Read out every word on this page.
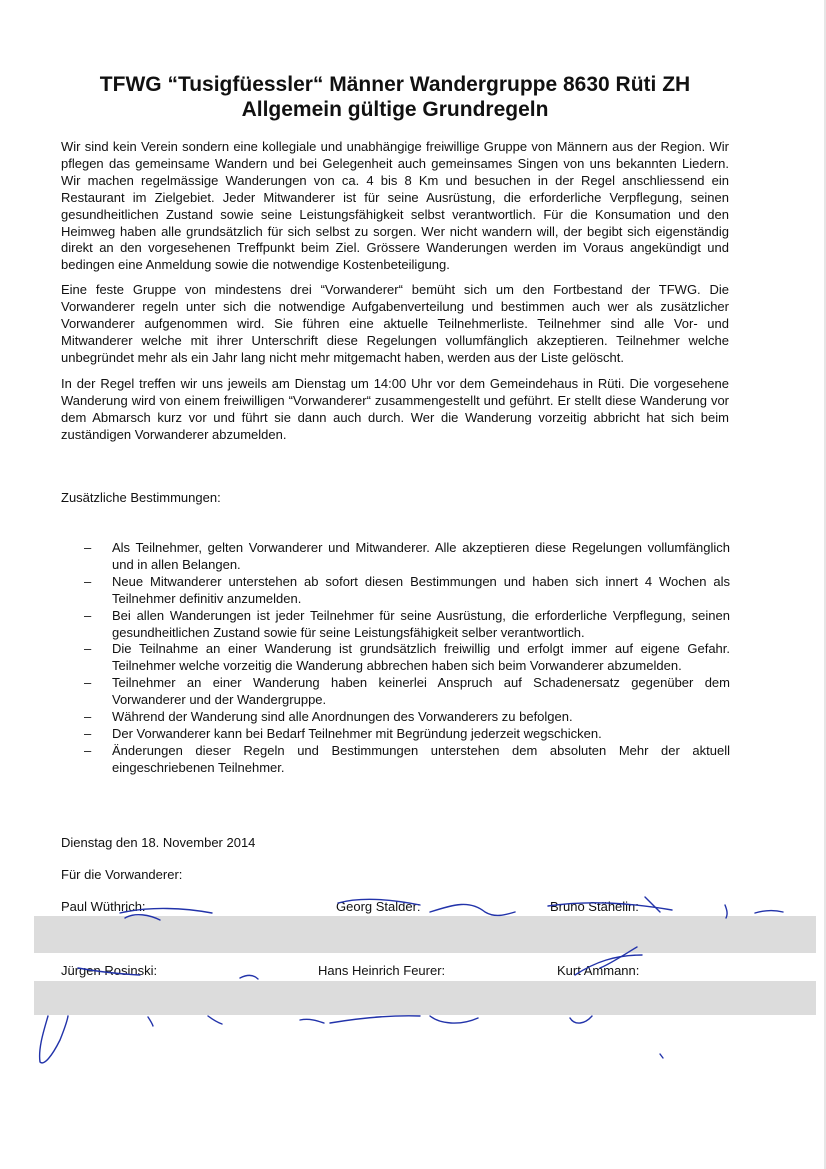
TFWG “Tusigfüessler“ Männer Wandergruppe 8630 Rüti ZH
Allgemein gültige Grundregeln

Wir sind kein Verein sondern eine kollegiale und unabhängige freiwillige Gruppe von Männern aus der Region. Wir pflegen das gemeinsame Wandern und bei Gelegenheit auch gemeinsames Singen von uns bekannten Liedern. Wir machen regelmässige Wanderungen von ca. 4 bis 8 Km und besuchen in der Regel anschliessend ein Restaurant im Zielgebiet. Jeder Mitwanderer ist für seine Ausrüstung, die erforderliche Verpflegung, seinen gesundheitlichen Zustand sowie seine Leistungsfähigkeit selbst verantwortlich. Für die Konsumation und den Heimweg haben alle grundsätzlich für sich selbst zu sorgen. Wer nicht wandern will, der begibt sich eigenständig direkt an den vorgesehenen Treffpunkt beim Ziel. Grössere Wanderungen werden im Voraus angekündigt und bedingen eine Anmeldung sowie die notwendige Kostenbeteiligung.

Eine feste Gruppe von mindestens drei “Vorwanderer“ bemüht sich um den Fortbestand der TFWG. Die Vorwanderer regeln unter sich die notwendige Aufgabenverteilung und bestimmen auch wer als zusätzlicher Vorwanderer aufgenommen wird. Sie führen eine aktuelle Teilnehmerliste. Teilnehmer sind alle Vor- und Mitwanderer welche mit ihrer Unterschrift diese Regelungen vollumfänglich akzeptieren. Teilnehmer welche unbegründet mehr als ein Jahr lang nicht mehr mitgemacht haben, werden aus der Liste gelöscht.

In der Regel treffen wir uns jeweils am Dienstag um 14:00 Uhr vor dem Gemeindehaus in Rüti. Die vorgesehene Wanderung wird von einem freiwilligen “Vorwanderer“ zusammengestellt und geführt. Er stellt diese Wanderung vor dem Abmarsch kurz vor und führt sie dann auch durch. Wer die Wanderung vorzeitig abbricht hat sich beim zuständigen Vorwanderer abzumelden.

Zusätzliche Bestimmungen:
– Als Teilnehmer, gelten Vorwanderer und Mitwanderer. Alle akzeptieren diese Regelungen vollumfänglich und in allen Belangen.
– Neue Mitwanderer unterstehen ab sofort diesen Bestimmungen und haben sich innert 4 Wochen als Teilnehmer definitiv anzumelden.
– Bei allen Wanderungen ist jeder Teilnehmer für seine Ausrüstung, die erforderliche Verpflegung, seinen gesundheitlichen Zustand sowie für seine Leistungsfähigkeit selber verantwortlich.
– Die Teilnahme an einer Wanderung ist grundsätzlich freiwillig und erfolgt immer auf eigene Gefahr. Teilnehmer welche vorzeitig die Wanderung abbrechen haben sich beim Vorwanderer abzumelden.
– Teilnehmer an einer Wanderung haben keinerlei Anspruch auf Schadenersatz gegenüber dem Vorwanderer und der Wandergruppe.
– Während der Wanderung sind alle Anordnungen des Vorwanderers zu befolgen.
– Der Vorwanderer kann bei Bedarf Teilnehmer mit Begründung jederzeit wegschicken.
– Änderungen dieser Regeln und Bestimmungen unterstehen dem absoluten Mehr der aktuell eingeschriebenen Teilnehmer.
Dienstag den 18. November 2014
Für die Vorwanderer:
Paul Wüthrich:	Georg Stalder:	Bruno Stähelin:
Jürgen Rosinski:	Hans Heinrich Feurer:	Kurt Ammann:
